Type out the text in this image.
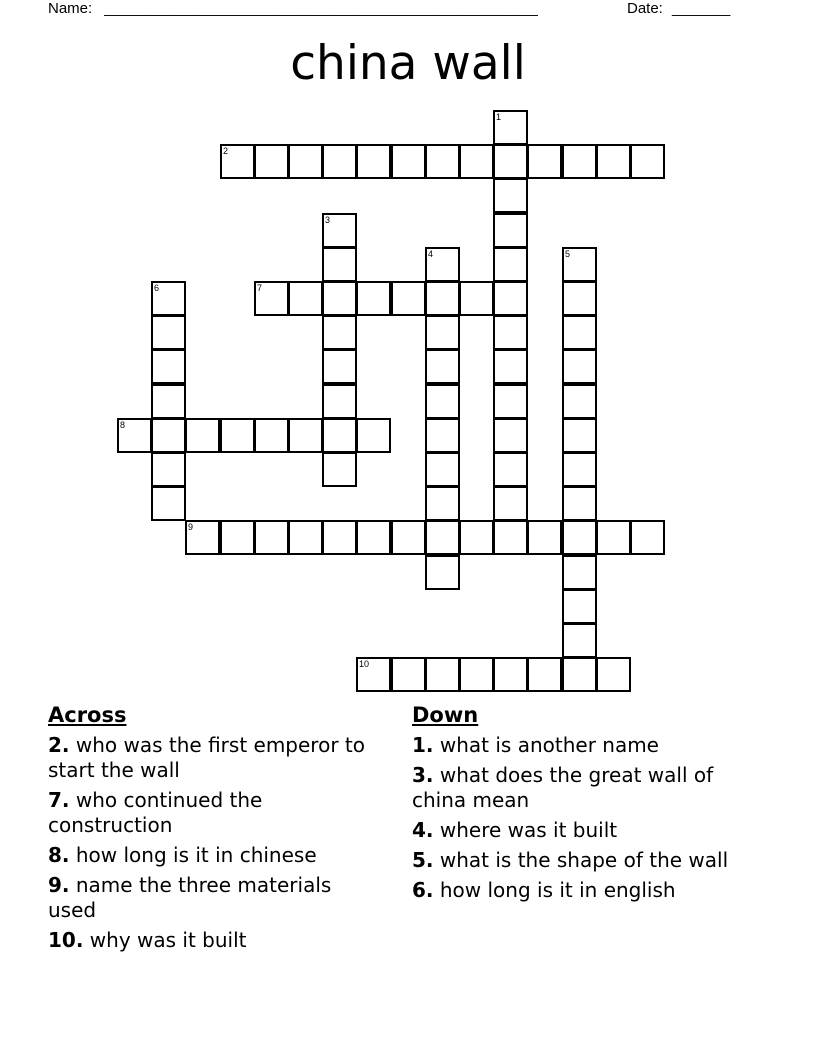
Name: ____________________________________________________	Date: _______
china wall
1
2
3
4	5
6	7
8
9
10
Across
2. who was the first emperor to start the wall
7. who continued the construction
8. how long is it in chinese
9. name the three materials used
10. why was it built
Down
1. what is another name
3. what does the great wall of china mean
4. where was it built
5. what is the shape of the wall
6. how long is it in english
